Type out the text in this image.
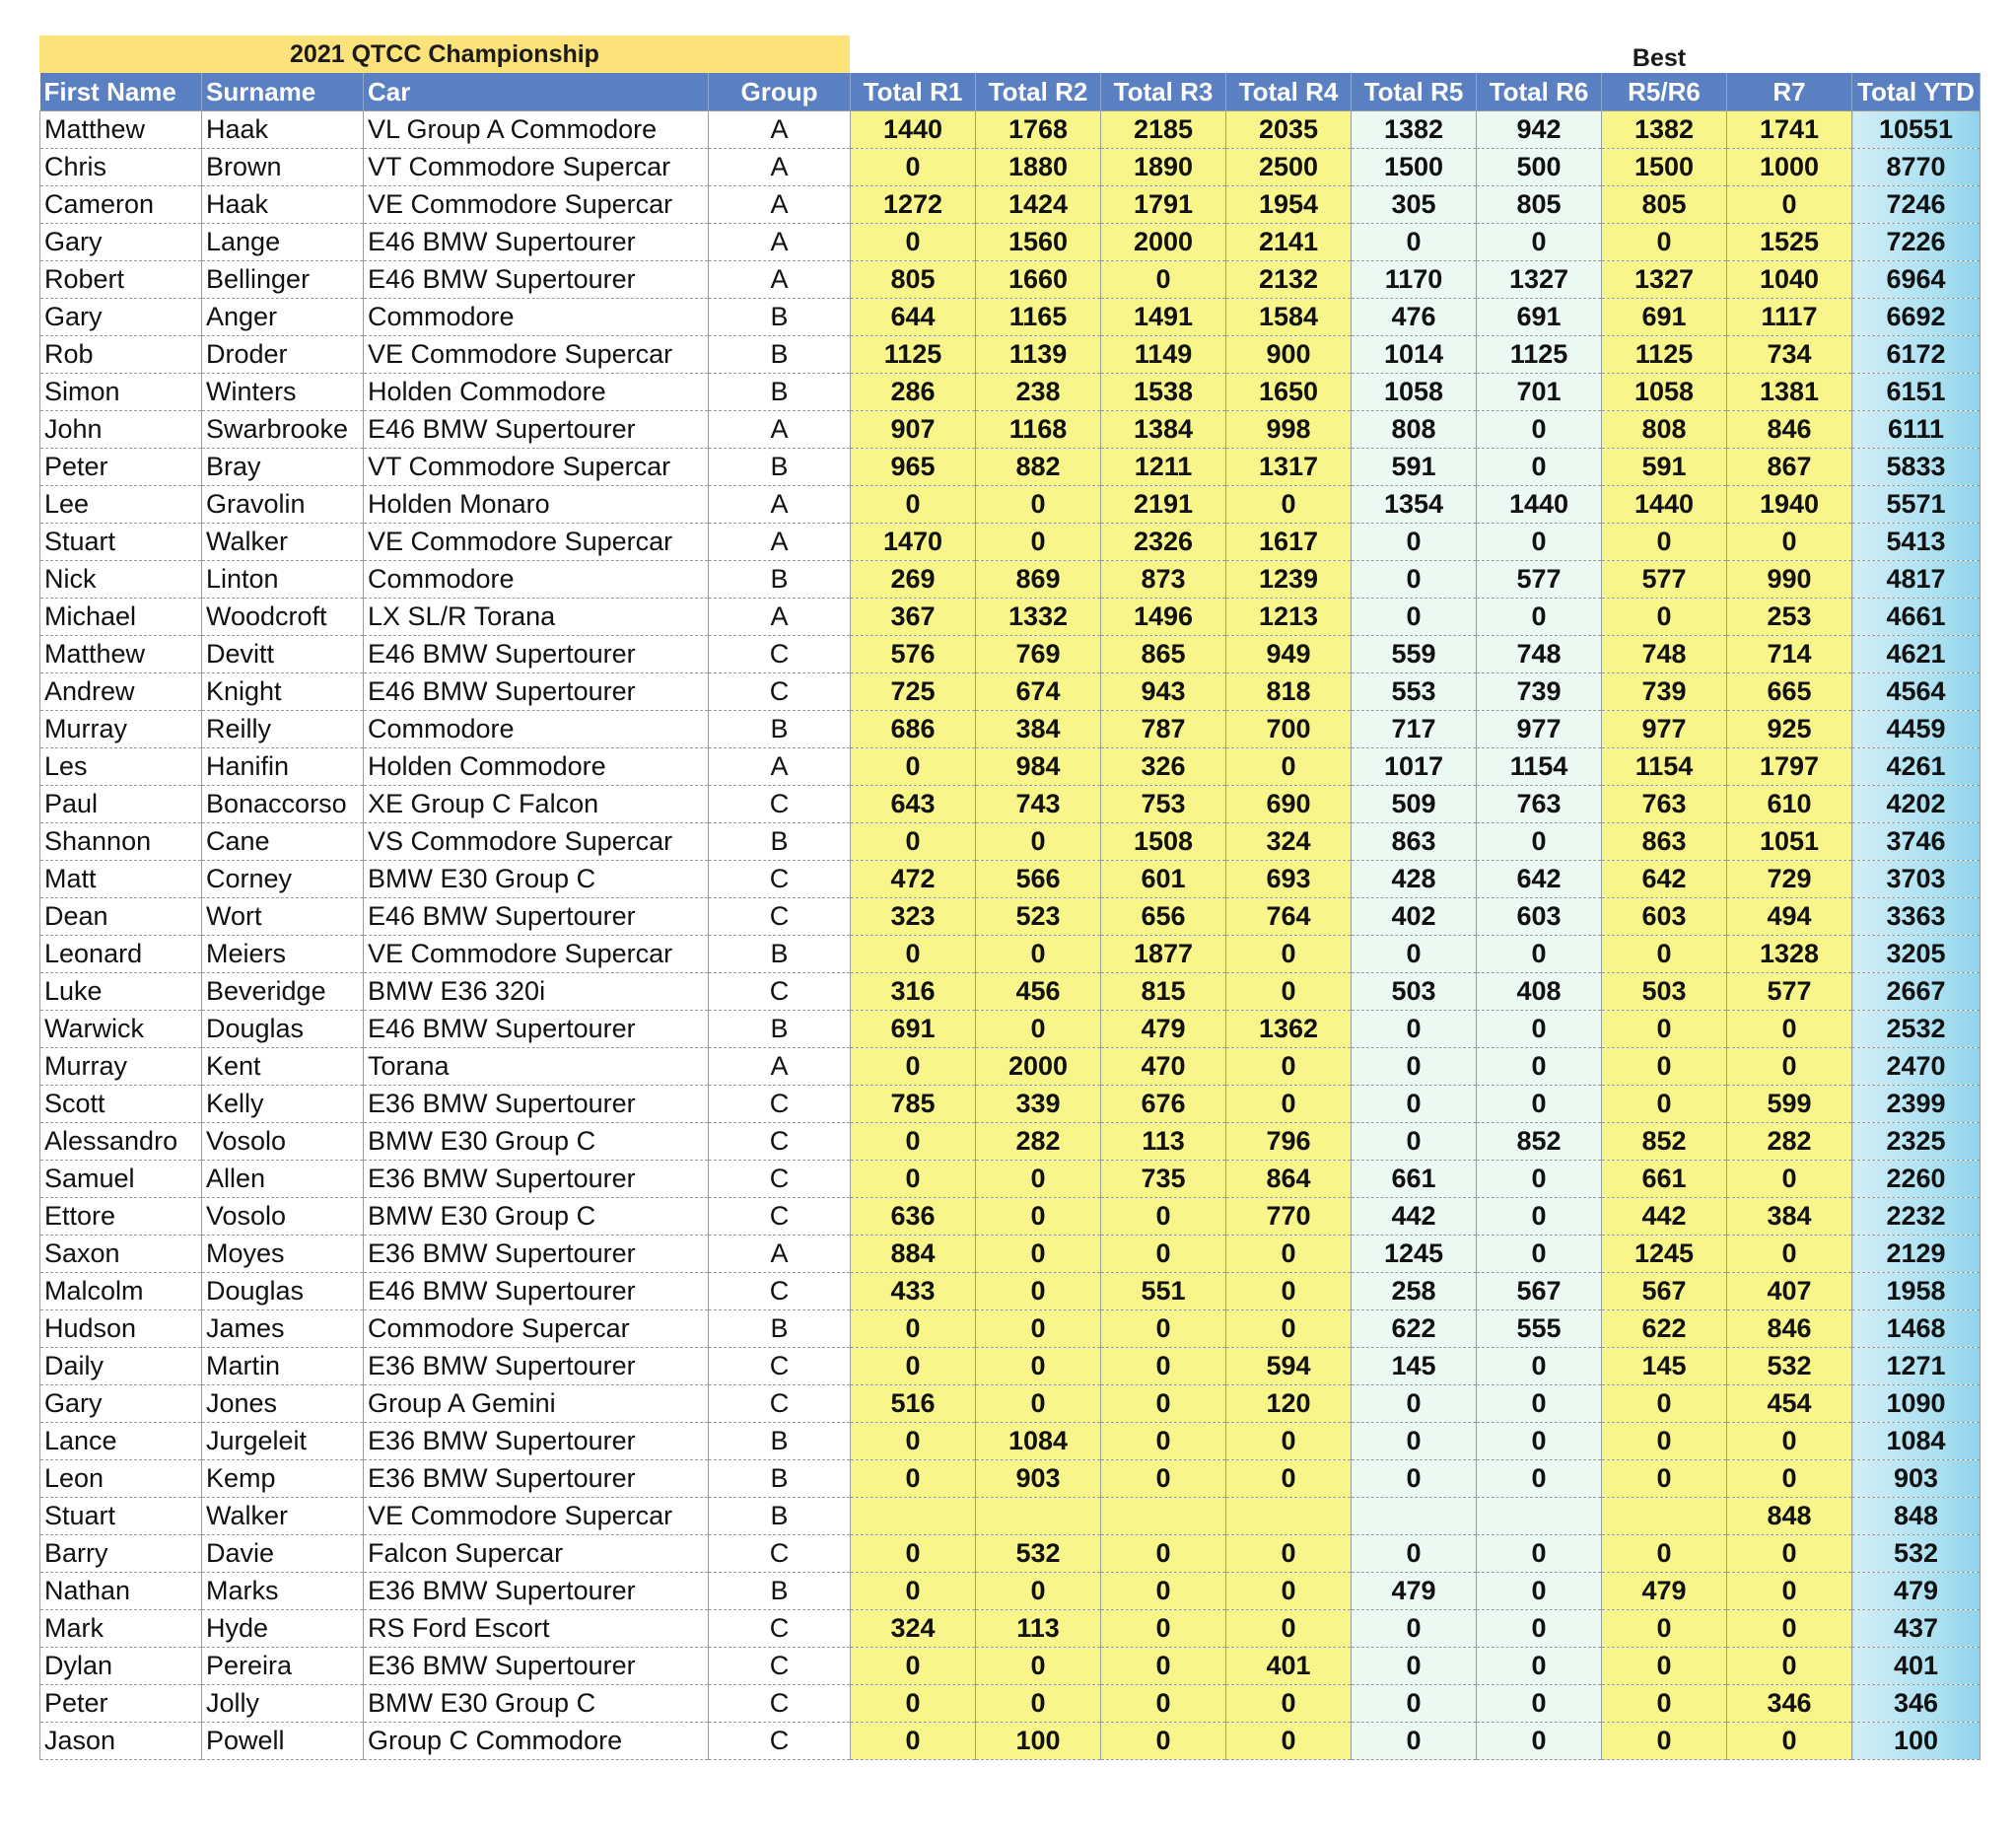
2021 QTCC Championship	Best
First Name	Surname	Car	Group	Total R1	Total R2	Total R3	Total R4	Total R5	Total R6	R5/R6	R7	Total YTD
Matthew	Haak	VL Group A Commodore	A	1440	1768	2185	2035	1382	942	1382	1741	10551
Chris	Brown	VT Commodore Supercar	A	0	1880	1890	2500	1500	500	1500	1000	8770
Cameron	Haak	VE Commodore Supercar	A	1272	1424	1791	1954	305	805	805	0	7246
Gary	Lange	E46 BMW Supertourer	A	0	1560	2000	2141	0	0	0	1525	7226
Robert	Bellinger	E46 BMW Supertourer	A	805	1660	0	2132	1170	1327	1327	1040	6964
Gary	Anger	Commodore	B	644	1165	1491	1584	476	691	691	1117	6692
Rob	Droder	VE Commodore Supercar	B	1125	1139	1149	900	1014	1125	1125	734	6172
Simon	Winters	Holden Commodore	B	286	238	1538	1650	1058	701	1058	1381	6151
John	Swarbrooke	E46 BMW Supertourer	A	907	1168	1384	998	808	0	808	846	6111
Peter	Bray	VT Commodore Supercar	B	965	882	1211	1317	591	0	591	867	5833
Lee	Gravolin	Holden Monaro	A	0	0	2191	0	1354	1440	1440	1940	5571
Stuart	Walker	VE Commodore Supercar	A	1470	0	2326	1617	0	0	0	0	5413
Nick	Linton	Commodore	B	269	869	873	1239	0	577	577	990	4817
Michael	Woodcroft	LX SL/R Torana	A	367	1332	1496	1213	0	0	0	253	4661
Matthew	Devitt	E46 BMW Supertourer	C	576	769	865	949	559	748	748	714	4621
Andrew	Knight	E46 BMW Supertourer	C	725	674	943	818	553	739	739	665	4564
Murray	Reilly	Commodore	B	686	384	787	700	717	977	977	925	4459
Les	Hanifin	Holden Commodore	A	0	984	326	0	1017	1154	1154	1797	4261
Paul	Bonaccorso	XE Group C Falcon	C	643	743	753	690	509	763	763	610	4202
Shannon	Cane	VS Commodore Supercar	B	0	0	1508	324	863	0	863	1051	3746
Matt	Corney	BMW E30 Group C	C	472	566	601	693	428	642	642	729	3703
Dean	Wort	E46 BMW Supertourer	C	323	523	656	764	402	603	603	494	3363
Leonard	Meiers	VE Commodore Supercar	B	0	0	1877	0	0	0	0	1328	3205
Luke	Beveridge	BMW E36 320i	C	316	456	815	0	503	408	503	577	2667
Warwick	Douglas	E46 BMW Supertourer	B	691	0	479	1362	0	0	0	0	2532
Murray	Kent	Torana	A	0	2000	470	0	0	0	0	0	2470
Scott	Kelly	E36 BMW Supertourer	C	785	339	676	0	0	0	0	599	2399
Alessandro	Vosolo	BMW E30 Group C	C	0	282	113	796	0	852	852	282	2325
Samuel	Allen	E36 BMW Supertourer	C	0	0	735	864	661	0	661	0	2260
Ettore	Vosolo	BMW E30 Group C	C	636	0	0	770	442	0	442	384	2232
Saxon	Moyes	E36 BMW Supertourer	A	884	0	0	0	1245	0	1245	0	2129
Malcolm	Douglas	E46 BMW Supertourer	C	433	0	551	0	258	567	567	407	1958
Hudson	James	Commodore Supercar	B	0	0	0	0	622	555	622	846	1468
Daily	Martin	E36 BMW Supertourer	C	0	0	0	594	145	0	145	532	1271
Gary	Jones	Group A Gemini	C	516	0	0	120	0	0	0	454	1090
Lance	Jurgeleit	E36 BMW Supertourer	B	0	1084	0	0	0	0	0	0	1084
Leon	Kemp	E36 BMW Supertourer	B	0	903	0	0	0	0	0	0	903
Stuart	Walker	VE Commodore Supercar	B								848	848
Barry	Davie	Falcon Supercar	C	0	532	0	0	0	0	0	0	532
Nathan	Marks	E36 BMW Supertourer	B	0	0	0	0	479	0	479	0	479
Mark	Hyde	RS Ford Escort	C	324	113	0	0	0	0	0	0	437
Dylan	Pereira	E36 BMW Supertourer	C	0	0	0	401	0	0	0	0	401
Peter	Jolly	BMW E30 Group C	C	0	0	0	0	0	0	0	346	346
Jason	Powell	Group C Commodore	C	0	100	0	0	0	0	0	0	100
